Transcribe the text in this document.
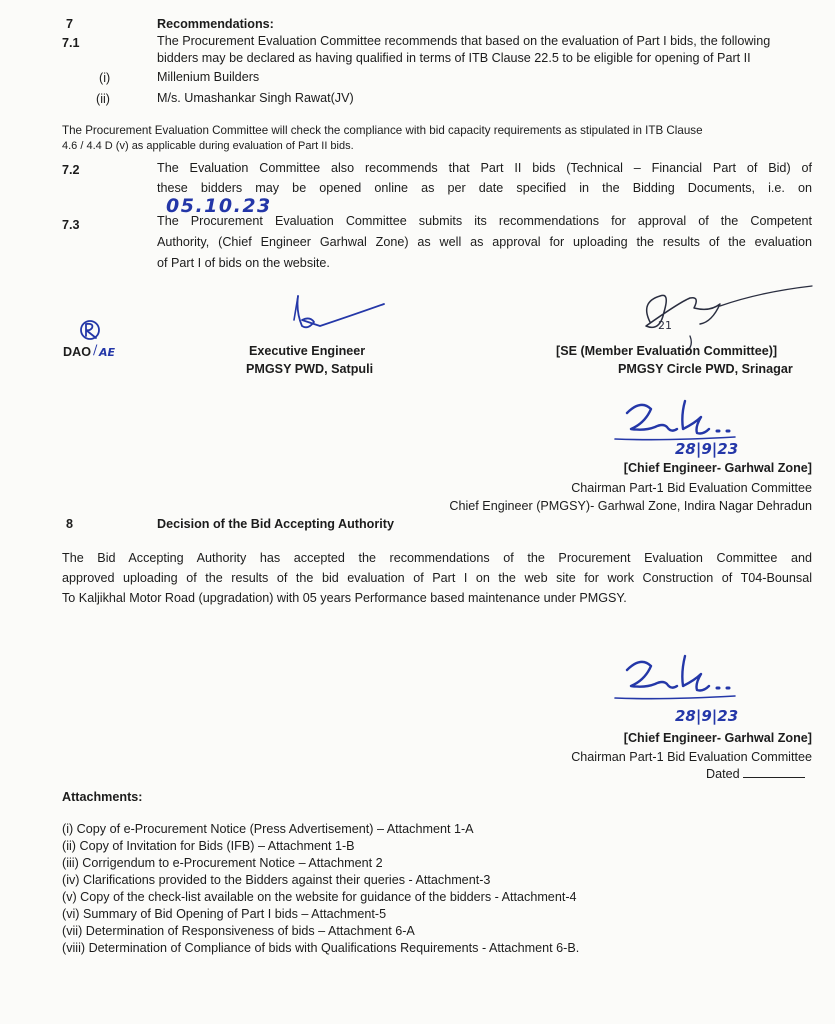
7	Recommendations:
7.1	The Procurement Evaluation Committee recommends that based on the evaluation of Part I bids, the following
bidders may be declared as having qualified in terms of ITB Clause 22.5 to be eligible for opening of Part II
(i)	Millenium Builders
(ii)	M/s. Umashankar Singh Rawat(JV)
The Procurement Evaluation Committee will check the compliance with bid capacity requirements as stipulated in ITB Clause
4.6 / 4.4 D (v) as applicable during evaluation of Part II bids.
7.2	The Evaluation Committee also recommends that Part II bids (Technical – Financial Part of Bid) of
these bidders may be opened online as per date specified in the Bidding Documents, i.e. on
05.10.23
7.3	The Procurement Evaluation Committee submits its recommendations for approval of the Competent
Authority, (Chief Engineer Garhwal Zone) as well as approval for uploading the results of the evaluation
of Part I of bids on the website.
DAO / AE	Executive Engineer
PMGSY PWD, Satpuli
21
[SE (Member Evaluation Committee)]
PMGSY Circle PWD, Srinagar
28|9|23
[Chief Engineer- Garhwal Zone]
Chairman Part-1 Bid Evaluation Committee
Chief Engineer (PMGSY)- Garhwal Zone, Indira Nagar Dehradun
8	Decision of the Bid Accepting Authority
The Bid Accepting Authority has accepted the recommendations of the Procurement Evaluation Committee and
approved uploading of the results of the bid evaluation of Part I on the web site for work Construction of T04-Bounsal
To Kaljikhal Motor Road (upgradation) with 05 years Performance based maintenance under PMGSY.
28|9|23
[Chief Engineer- Garhwal Zone]
Chairman Part-1 Bid Evaluation Committee
Dated
Attachments:
(i) Copy of e-Procurement Notice (Press Advertisement) – Attachment 1-A
(ii) Copy of Invitation for Bids (IFB) – Attachment 1-B
(iii) Corrigendum to e-Procurement Notice – Attachment 2
(iv) Clarifications provided to the Bidders against their queries - Attachment-3
(v) Copy of the check-list available on the website for guidance of the bidders - Attachment-4
(vi) Summary of Bid Opening of Part I bids – Attachment-5
(vii) Determination of Responsiveness of bids – Attachment 6-A
(viii) Determination of Compliance of bids with Qualifications Requirements - Attachment 6-B.
